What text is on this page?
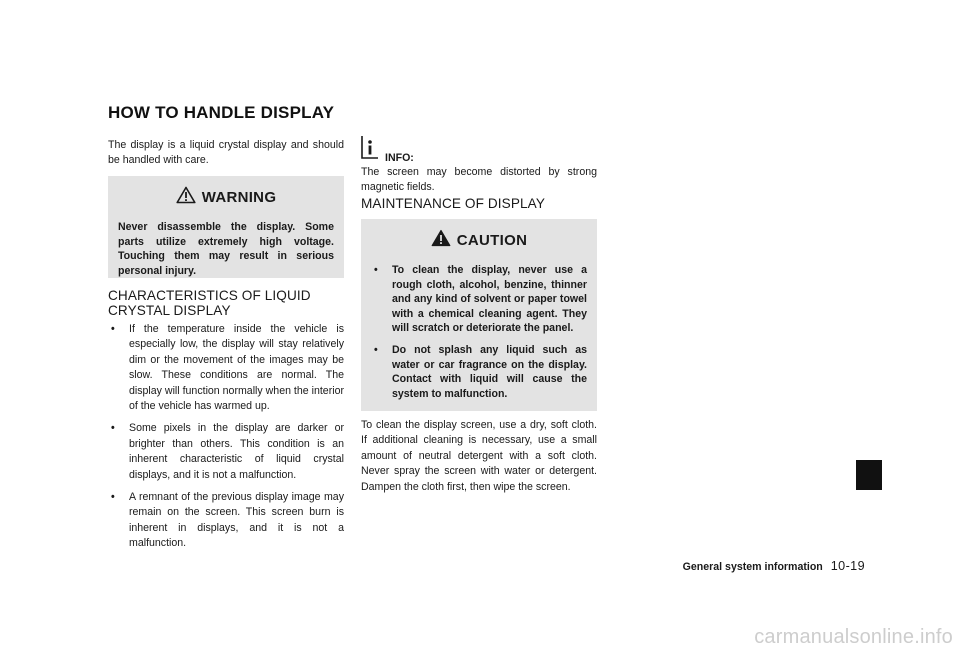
HOW TO HANDLE DISPLAY

The display is a liquid crystal display and should be handled with care.

WARNING
Never disassemble the display. Some parts utilize extremely high voltage. Touching them may result in serious personal injury.
CHARACTERISTICS OF LIQUID CRYSTAL DISPLAY
• If the temperature inside the vehicle is especially low, the display will stay relatively dim or the movement of the images may be slow. These conditions are normal. The display will function normally when the interior of the vehicle has warmed up.
• Some pixels in the display are darker or brighter than others. This condition is an inherent characteristic of liquid crystal displays, and it is not a malfunction.
• A remnant of the previous display image may remain on the screen. This screen burn is inherent in displays, and it is not a malfunction.
INFO:

The screen may become distorted by strong magnetic fields.

MAINTENANCE OF DISPLAY
CAUTION
• To clean the display, never use a rough cloth, alcohol, benzine, thinner and any kind of solvent or paper towel with a chemical cleaning agent. They will scratch or deteriorate the panel.
• Do not splash any liquid such as water or car fragrance on the display. Contact with liquid will cause the system to malfunction.

To clean the display screen, use a dry, soft cloth. If additional cleaning is necessary, use a small amount of neutral detergent with a soft cloth. Never spray the screen with water or detergent. Dampen the cloth first, then wipe the screen.

General system information 10-19
carmanualsonline.info
